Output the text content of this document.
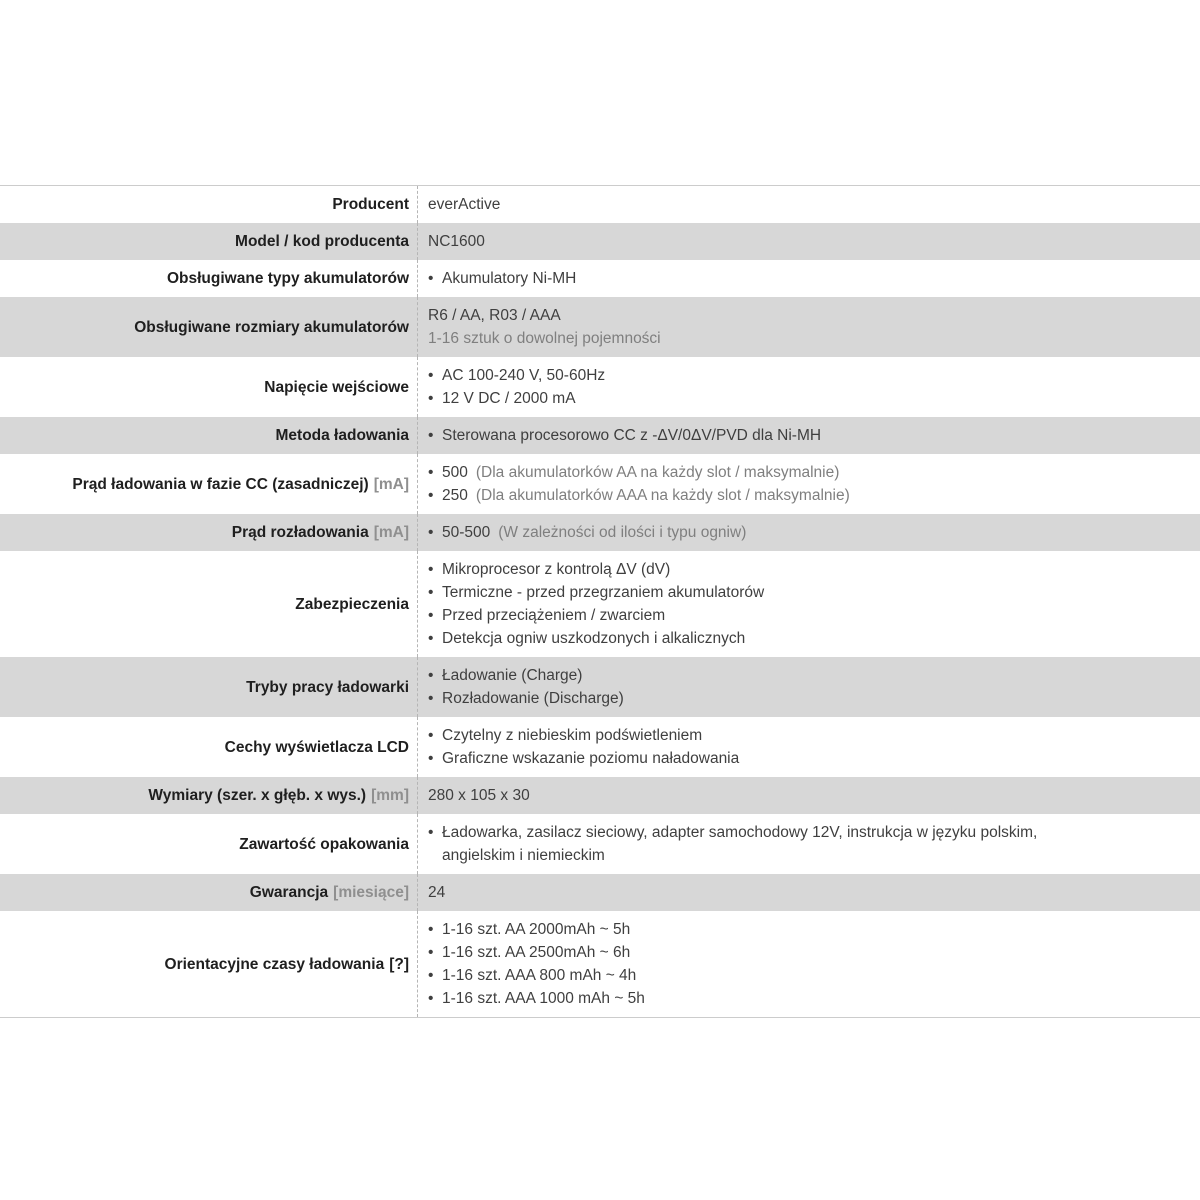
Producent everActive
Model / kod producenta NC1600
Obsługiwane typy akumulatorów • Akumulatory Ni-MH
Obsługiwane rozmiary akumulatorów
R6 / AA, R03 / AAA
1-16 sztuk o dowolnej pojemności
Napięcie wejściowe
• AC 100-240 V, 50-60Hz
• 12 V DC / 2000 mA
Metoda ładowania • Sterowana procesorowo CC z -ΔV/0ΔV/PVD dla Ni-MH
Prąd ładowania w fazie CC (zasadniczej) [mA]
• 500 (Dla akumulatorków AA na każdy slot / maksymalnie)
• 250 (Dla akumulatorków AAA na każdy slot / maksymalnie)
Prąd rozładowania [mA] • 50-500 (W zależności od ilości i typu ogniw)
Zabezpieczenia
• Mikroprocesor z kontrolą ΔV (dV)
• Termiczne - przed przegrzaniem akumulatorów
• Przed przeciążeniem / zwarciem
• Detekcja ogniw uszkodzonych i alkalicznych
Tryby pracy ładowarki
• Ładowanie (Charge)
• Rozładowanie (Discharge)
Cechy wyświetlacza LCD
• Czytelny z niebieskim podświetleniem
• Graficzne wskazanie poziomu naładowania
Wymiary (szer. x głęb. x wys.) [mm] 280 x 105 x 30
Zawartość opakowania
• Ładowarka, zasilacz sieciowy, adapter samochodowy 12V, instrukcja w języku polskim, angielskim i niemieckim
Gwarancja [miesiące] 24
Orientacyjne czasy ładowania [?]
• 1-16 szt. AA 2000mAh ~ 5h
• 1-16 szt. AA 2500mAh ~ 6h
• 1-16 szt. AAA 800 mAh ~ 4h
• 1-16 szt. AAA 1000 mAh ~ 5h
